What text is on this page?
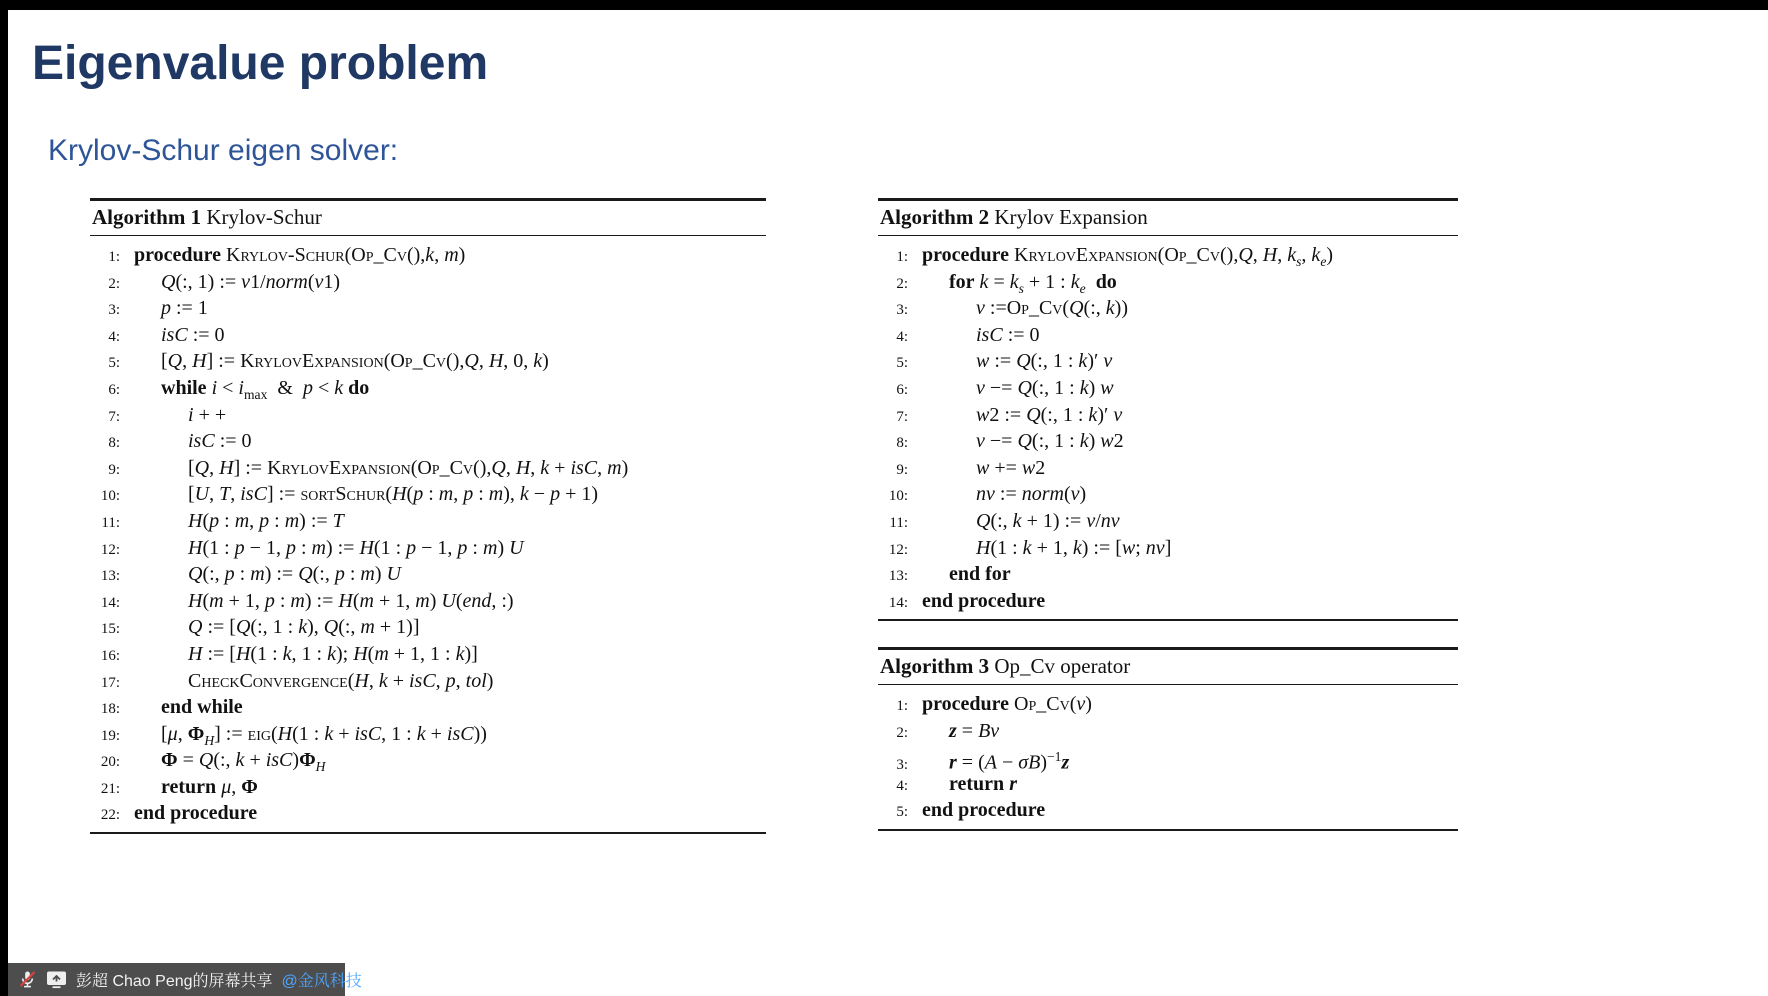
Eigenvalue problem
Krylov-Schur eigen solver:
Algorithm 1 Krylov-Schur
1: procedure Krylov-Schur(Op_Cv(),k, m)
2:	Q(:, 1) := v1/norm(v1)
3:	p := 1
4:	isC := 0
5:	[Q, H] := KrylovExpansion(Op_Cv(),Q, H, 0, k)
6:	while $i < i_{max}$  &  p < k do
7:	i + +
8:	isC := 0
9:	[Q, H] := KrylovExpansion(Op_Cv(),Q, H, k + isC, m)
10:	[U, T, isC] := sortSchur(H(p : m, p : m), k − p + 1)
11:	H(p : m, p : m) := T
12:	H(1 : p − 1, p : m) := H(1 : p − 1, p : m) U
13:	Q(:, p : m) := Q(:, p : m) U
14:	H(m + 1, p : m) := H(m + 1, m) U(end, :)
15:	Q := [Q(:, 1 : k), Q(:, m + 1)]
16:	H := [H(1 : k, 1 : k); H(m + 1, 1 : k)]
17:	CheckConvergence(H, k + isC, p, tol)
18:	end while
19:	[μ, $\Phi_H$] := eig(H(1 : k + isC, 1 : k + isC))
20:	Φ = Q(:, $k + isC)\Phi_H$
21:	return μ, Φ
22: end procedure
Algorithm 2 Krylov Expansion
1: procedure KrylovExpansion(Op_Cv(),Q, H, $k_s$, $k_e$)
2:	for $k = k_s + 1$ : $k_e$ do
3:	v :=Op_Cv(Q(:, k))
4:	isC := 0
5:	w := Q(:, 1 : k)′ v
6:	v −= Q(:, 1 : k) w
7:	w2 := Q(:, 1 : k)′ v
8:	v −= Q(:, 1 : k) w2
9:	w += w2
10:	nv := norm(v)
11:	Q(:, k + 1) := v/nv
12:	H(1 : k + 1, k) := [w; nv]
13:	end for
14: end procedure
Algorithm 3 Op_Cv operator
1: procedure Op_Cv(v)
2:	z = Bv
3:	$r = (A - \sigma B)^{-1}z$
4:	return r
5: end procedure
彭超 Chao Peng的屏幕共享 @金风科技
